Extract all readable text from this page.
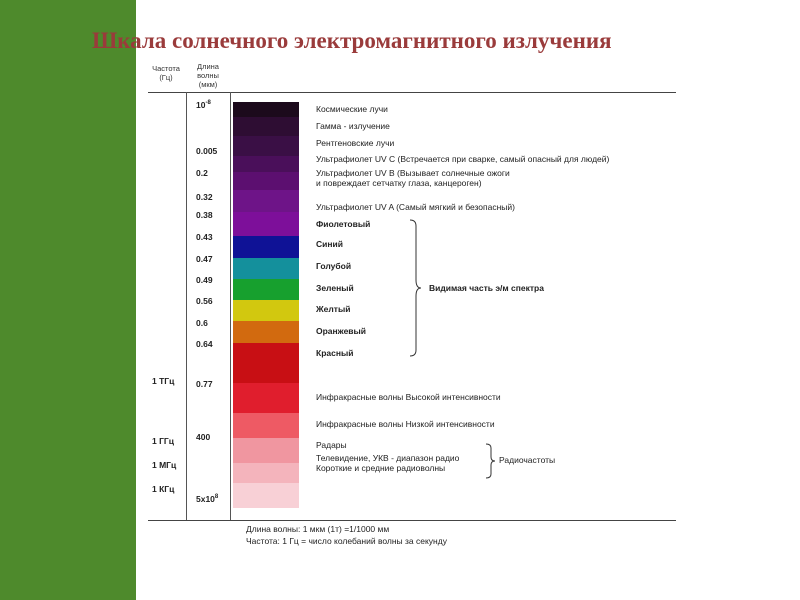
Шкала солнечного электромагнитного излучения
Частота
(Гц)
Длина
волны
(мкм)
$10^{-8}$
0.005
0.2
0.32
0.38
0.43
0.47
0.49
0.56
0.6
0.64
0.77
400
$5x10^8$
1 ТГц
1 ГГц
1 МГц
1 КГц
Космические лучи
Гамма - излучение
Рентгеновские лучи
Ультрафиолет UV C (Встречается при сварке, самый опасный для людей)
Ультрафиолет UV B (Вызывает солнечные ожоги
и повреждает сетчатку глаза, канцероген)
Ультрафиолет UV A (Самый мягкий и безопасный)
Фиолетовый
Синий
Голубой
Зеленый
Желтый
Оранжевый
Красный
Инфракрасные волны Высокой интенсивности
Инфракрасные волны Низкой интенсивности
Радары
Телевидение, УКВ - диапазон радио
Короткие и средние радиоволны
Видимая часть э/м спектра
Радиочастоты
Длина волны: 1 мкм (1т) =1/1000 мм
Частота: 1 Гц = число колебаний волны за секунду
